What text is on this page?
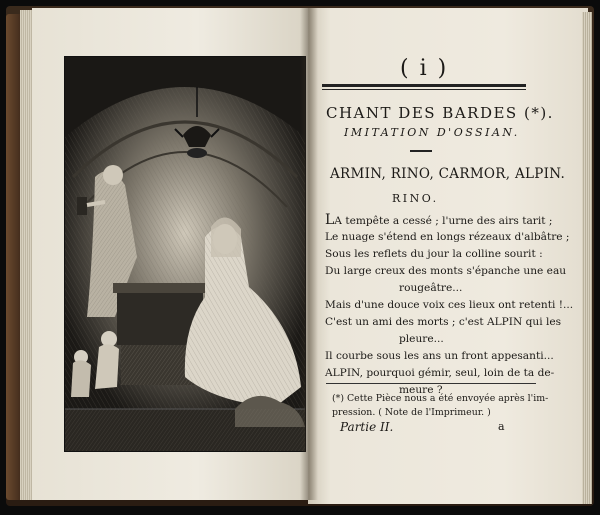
( i )
CHANT DES BARDES (*).
IMITATION D'OSSIAN.
ARMIN, RINO, CARMOR, ALPIN.
RINO.
LA tempête a cessé ; l'urne des airs tarit ;
Le nuage s'étend en longs rézeaux d'albâtre ;
Sous les reflets du jour la colline sourit :
Du large creux des monts s'épanche une eau
rougeâtre...
Mais d'une douce voix ces lieux ont retenti !...
C'est un ami des morts ; c'est ALPIN qui les
pleure...
Il courbe sous les ans un front appesanti...
ALPIN, pourquoi gémir, seul, loin de ta de-
meure ?
(*) Cette Pièce nous a été envoyée après l'im-
pression. ( Note de l'Imprimeur. )
Partie II.	a
